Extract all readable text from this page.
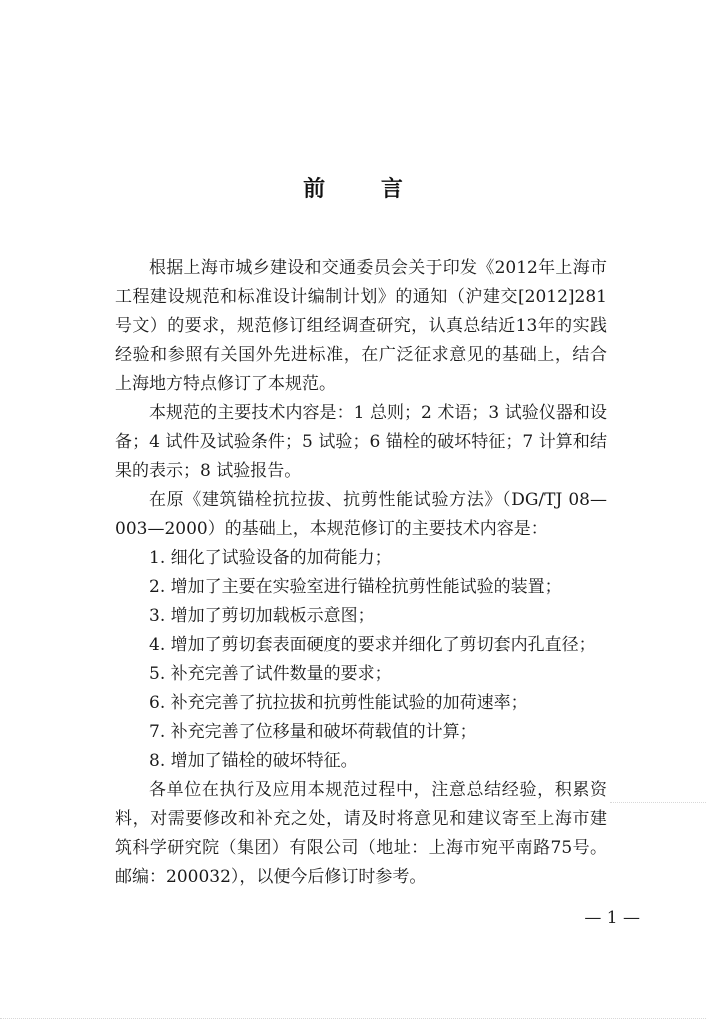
前 言

根据上海市城乡建设和交通委员会关于印发《2012年上海市工程建设规范和标准设计编制计划》的通知（沪建交[2012]281号文）的要求，规范修订组经调查研究，认真总结近13年的实践经验和参照有关国外先进标准，在广泛征求意见的基础上，结合上海地方特点修订了本规范。

本规范的主要技术内容是：1 总则；2 术语；3 试验仪器和设备；4 试件及试验条件；5 试验；6 锚栓的破坏特征；7 计算和结果的表示；8 试验报告。

在原《建筑锚栓抗拉拔、抗剪性能试验方法》（DG/TJ 08—003—2000）的基础上，本规范修订的主要技术内容是：

1. 细化了试验设备的加荷能力；

2. 增加了主要在实验室进行锚栓抗剪性能试验的装置；

3. 增加了剪切加载板示意图；

4. 增加了剪切套表面硬度的要求并细化了剪切套内孔直径；

5. 补充完善了试件数量的要求；

6. 补充完善了抗拉拔和抗剪性能试验的加荷速率；

7. 补充完善了位移量和破坏荷载值的计算；

8. 增加了锚栓的破坏特征。

各单位在执行及应用本规范过程中，注意总结经验，积累资料，对需要修改和补充之处，请及时将意见和建议寄至上海市建筑科学研究院（集团）有限公司（地址：上海市宛平南路75号。邮编：200032），以便今后修订时参考。

— 1 —
